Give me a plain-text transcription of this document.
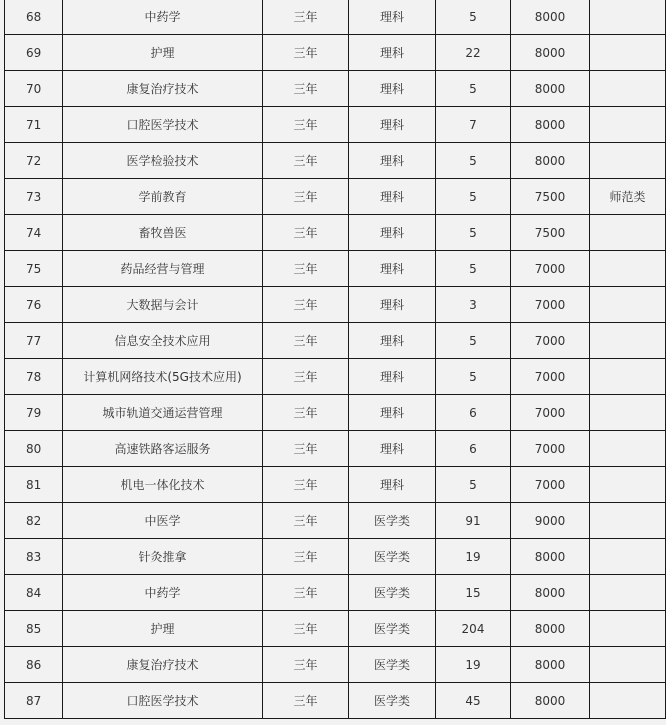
68	中药学	三年	理科	5	8000	
69	护理	三年	理科	22	8000	
70	康复治疗技术	三年	理科	5	8000	
71	口腔医学技术	三年	理科	7	8000	
72	医学检验技术	三年	理科	5	8000	
73	学前教育	三年	理科	5	7500	师范类
74	畜牧兽医	三年	理科	5	7500	
75	药品经营与管理	三年	理科	5	7000	
76	大数据与会计	三年	理科	3	7000	
77	信息安全技术应用	三年	理科	5	7000	
78	计算机网络技术(5G技术应用)	三年	理科	5	7000	
79	城市轨道交通运营管理	三年	理科	6	7000	
80	高速铁路客运服务	三年	理科	6	7000	
81	机电一体化技术	三年	理科	5	7000	
82	中医学	三年	医学类	91	9000	
83	针灸推拿	三年	医学类	19	8000	
84	中药学	三年	医学类	15	8000	
85	护理	三年	医学类	204	8000	
86	康复治疗技术	三年	医学类	19	8000	
87	口腔医学技术	三年	医学类	45	8000	
